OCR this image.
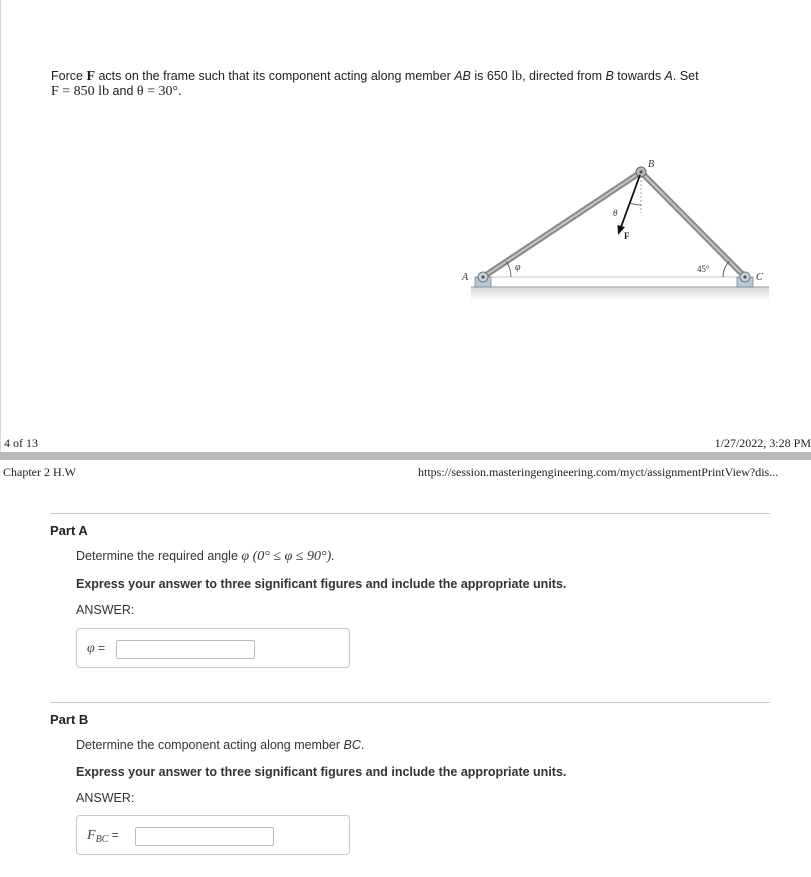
Force F acts on the frame such that its component acting along member AB is 650 lb, directed from B towards A. Set
F = 850 lb and θ = 30°.
A
B
C
φ
θ
F
45°
4 of 13	1/27/2022, 3:28 PM
Chapter 2 H.W	https://session.masteringengineering.com/myct/assignmentPrintView?dis...
Part A
Determine the required angle φ (0° ≤ φ ≤ 90°).
Express your answer to three significant figures and include the appropriate units.
ANSWER:
φ =
Part B
Determine the component acting along member BC.
Express your answer to three significant figures and include the appropriate units.
ANSWER:
$F_{BC}$ =
